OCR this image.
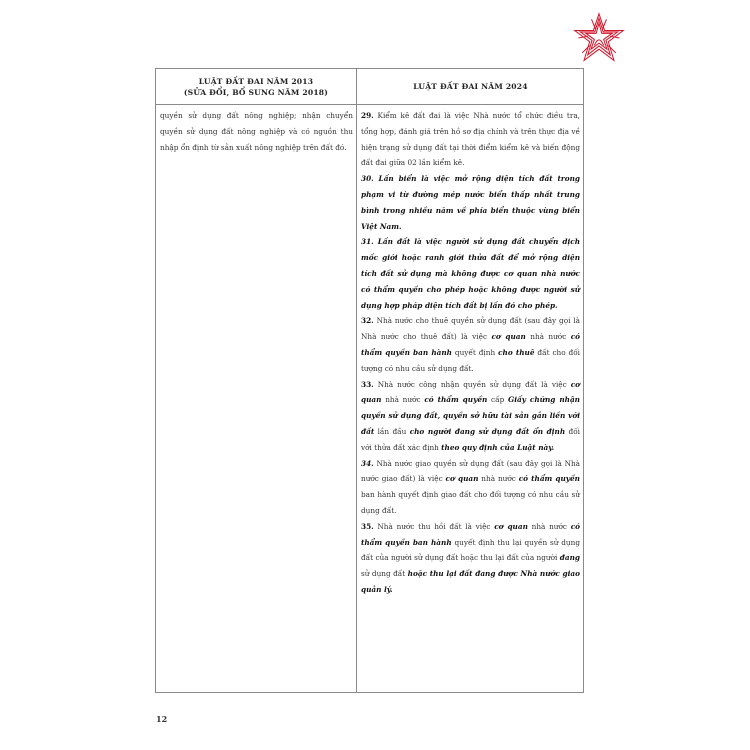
LUẬT ĐẤT ĐAI NĂM 2013
(SỬA ĐỔI, BỔ SUNG NĂM 2018)
LUẬT ĐẤT ĐAI NĂM 2024

quyền sử dụng đất nông nghiệp; nhận chuyển quyền sử dụng đất nông nghiệp và có nguồn thu nhập ổn định từ sản xuất nông nghiệp trên đất đó.

29. Kiểm kê đất đai là việc Nhà nước tổ chức điều tra, tổng hợp, đánh giá trên hồ sơ địa chính và trên thực địa về hiện trạng sử dụng đất tại thời điểm kiểm kê và biến động đất đai giữa 02 lần kiểm kê.

30. Lấn biển là việc mở rộng diện tích đất trong phạm vi từ đường mép nước biển thấp nhất trung bình trong nhiều năm về phía biển thuộc vùng biển Việt Nam.

31. Lấn đất là việc người sử dụng đất chuyển dịch mốc giới hoặc ranh giới thửa đất để mở rộng diện tích đất sử dụng mà không được cơ quan nhà nước có thẩm quyền cho phép hoặc không được người sử dụng hợp pháp diện tích đất bị lấn đó cho phép.

32. Nhà nước cho thuê quyền sử dụng đất (sau đây gọi là Nhà nước cho thuê đất) là việc cơ quan nhà nước có thẩm quyền ban hành quyết định cho thuê đất cho đối tượng có nhu cầu sử dụng đất.

33. Nhà nước công nhận quyền sử dụng đất là việc cơ quan nhà nước có thẩm quyền cấp Giấy chứng nhận quyền sử dụng đất, quyền sở hữu tài sản gắn liền với đất lần đầu cho người đang sử dụng đất ổn định đối với thửa đất xác định theo quy định của Luật này.

34. Nhà nước giao quyền sử dụng đất (sau đây gọi là Nhà nước giao đất) là việc cơ quan nhà nước có thẩm quyền ban hành quyết định giao đất cho đối tượng có nhu cầu sử dụng đất.

35. Nhà nước thu hồi đất là việc cơ quan nhà nước có thẩm quyền ban hành quyết định thu lại quyền sử dụng đất của người sử dụng đất hoặc thu lại đất của người đang sử dụng đất hoặc thu lại đất đang được Nhà nước giao quản lý.

12
